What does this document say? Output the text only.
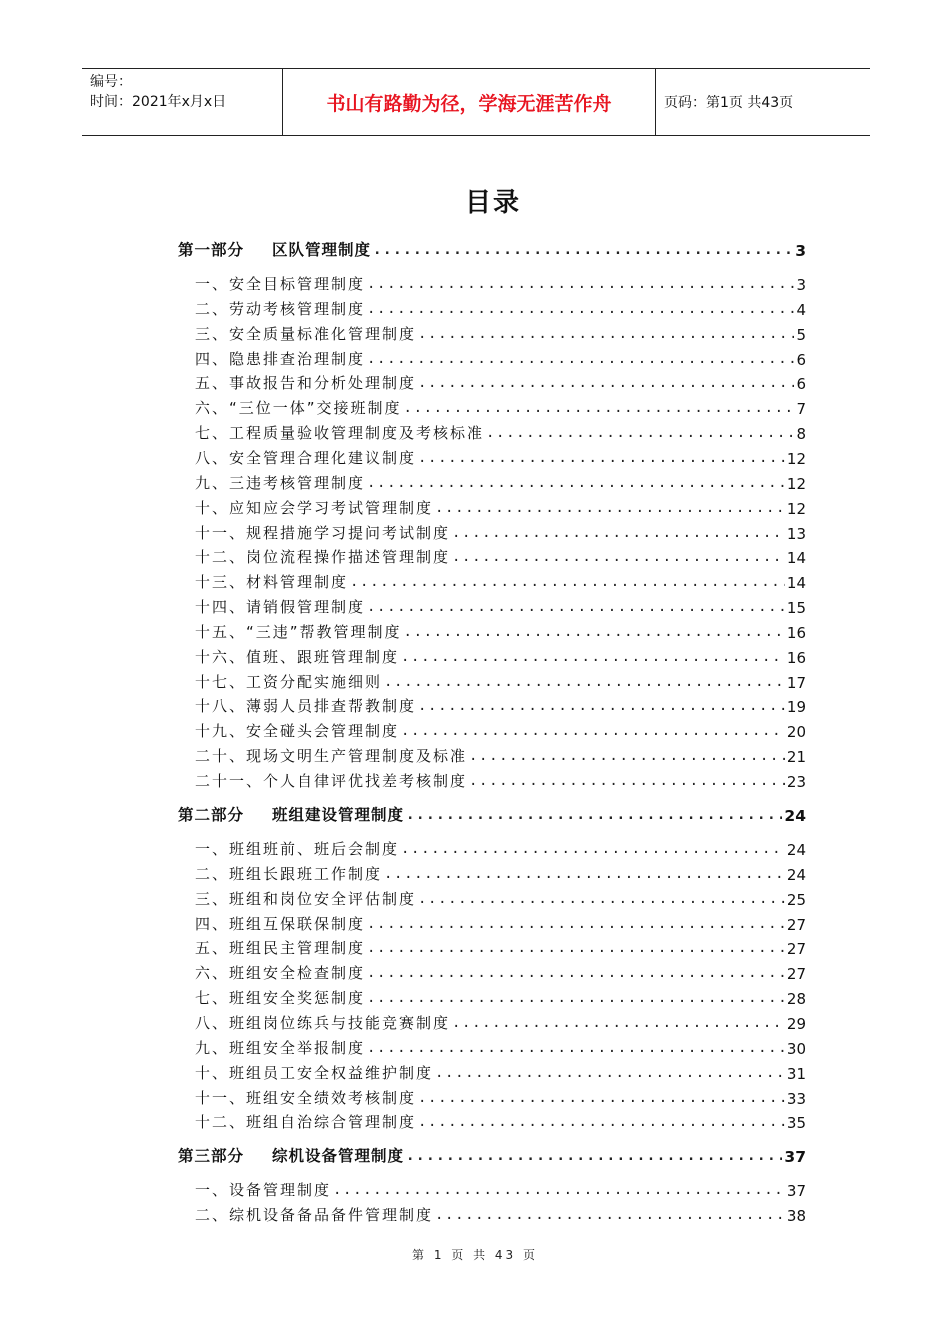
编号：
时间：2021年x月x日	书山有路勤为径，学海无涯苦作舟	页码：第1页 共43页
目录
第一部分 区队管理制度 .....	3
一、安全目标管理制度 .....	3
二、劳动考核管理制度 .....	4
三、安全质量标准化管理制度 .....	5
四、隐患排查治理制度 .....	6
五、事故报告和分析处理制度 .....	6
六、“三位一体”交接班制度 .....	7
七、工程质量验收管理制度及考核标准 .....	8
八、安全管理合理化建议制度 .....	12
九、三违考核管理制度 .....	12
十、应知应会学习考试管理制度 .....	12
十一、规程措施学习提问考试制度 .....	13
十二、岗位流程操作描述管理制度 .....	14
十三、材料管理制度 .....	14
十四、请销假管理制度 .....	15
十五、“三违”帮教管理制度 .....	16
十六、值班、跟班管理制度 .....	16
十七、工资分配实施细则 .....	17
十八、薄弱人员排查帮教制度 .....	19
十九、安全碰头会管理制度 .....	20
二十、现场文明生产管理制度及标准 .....	21
二十一、个人自律评优找差考核制度 .....	23
第二部分 班组建设管理制度 .....	24
一、班组班前、班后会制度 .....	24
二、班组长跟班工作制度 .....	24
三、班组和岗位安全评估制度 .....	25
四、班组互保联保制度 .....	27
五、班组民主管理制度 .....	27
六、班组安全检查制度 .....	27
七、班组安全奖惩制度 .....	28
八、班组岗位练兵与技能竞赛制度 .....	29
九、班组安全举报制度 .....	30
十、班组员工安全权益维护制度 .....	31
十一、班组安全绩效考核制度 .....	33
十二、班组自治综合管理制度 .....	35
第三部分 综机设备管理制度 .....	37
一、设备管理制度 .....	37
二、综机设备备品备件管理制度 .....	38
第 1 页 共 43 页
